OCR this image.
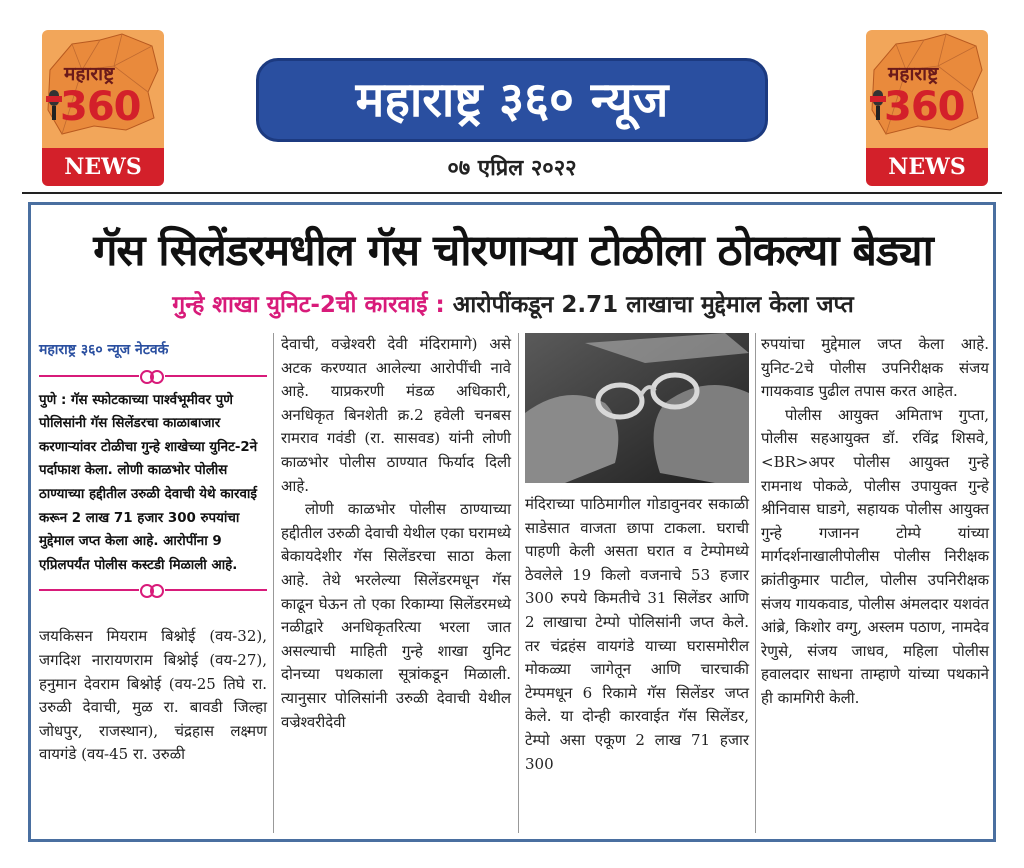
महाराष्ट्र
360
NEWS
महाराष्ट्र
360
NEWS
महाराष्ट्र ३६० न्यूज
०७ एप्रिल २०२२
गॅस सिलेंडरमधील गॅस चोरणाऱ्या टोळीला ठोकल्या बेड्या
गुन्हे शाखा युनिट-2ची कारवाई : आरोपींकडून 2.71 लाखाचा मुद्देमाल केला जप्त
महाराष्ट्र ३६० न्यूज नेटवर्क

पुणे : गॅस स्फोटकाच्या पार्श्वभूमीवर पुणे पोलिसांनी गॅस सिलेंडरचा काळाबाजार करणाऱ्यांवर टोळीचा गुन्हे शाखेच्या युनिट-2ने पर्दाफाश केला. लोणी काळभोर पोलीस ठाण्याच्या हद्दीतील उरुळी देवाची येथे कारवाई करून 2 लाख 71 हजार 300 रुपयांचा मुद्देमाल जप्त केला आहे. आरोपींना 9 एप्रिलपर्यंत पोलीस कस्टडी मिळाली आहे.

जयकिसन मियराम बिश्नोई (वय-32), जगदिश नारायणराम बिश्नोई (वय-27), हनुमान देवराम बिश्नोई (वय-25 तिघे रा. उरुळी देवाची, मुळ रा. बावडी जिल्हा जोधपुर, राजस्थान), चंद्रहास लक्ष्मण वायगंडे (वय-45 रा. उरुळी

देवाची, वज्रेश्वरी देवी मंदिरामागे) असे अटक करण्यात आलेल्या आरोपींची नावे आहे. याप्रकरणी मंडळ अधिकारी, अनधिकृत बिनशेती क्र.2 हवेली चनबस रामराव गवंडी (रा. सासवड) यांनी लोणी काळभोर पोलीस ठाण्यात फिर्याद दिली आहे.

लोणी काळभोर पोलीस ठाण्याच्या हद्दीतील उरुळी देवाची येथील एका घरामध्ये बेकायदेशीर गॅस सिलेंडरचा साठा केला आहे. तेथे भरलेल्या सिलेंडरमधून गॅस काढून घेऊन तो एका रिकाम्या सिलेंडरमध्ये नळीद्वारे अनधिकृतरित्या भरला जात असल्याची माहिती गुन्हे शाखा युनिट दोनच्या पथकाला सूत्रांकडून मिळाली. त्यानुसार पोलिसांनी उरुळी देवाची येथील वज्रेश्वरीदेवी

मंदिराच्या पाठिमागील गोडावुनवर सकाळी साडेसात वाजता छापा टाकला. घराची पाहणी केली असता घरात व टेम्पोमध्ये ठेवलेले 19 किलो वजनाचे 53 हजार 300 रुपये किमतीचे 31 सिलेंडर आणि 2 लाखाचा टेम्पो पोलिसांनी जप्त केले. तर चंद्रहंस वायगंडे याच्या घरासमोरील मोकळ्या जागेतून आणि चारचाकी टेम्पमधून 6 रिकामे गॅस सिलेंडर जप्त केले. या दोन्ही कारवाईत गॅस सिलेंडर, टेम्पो असा एकूण 2 लाख 71 हजार 300

रुपयांचा मुद्देमाल जप्त केला आहे. युनिट-2चे पोलीस उपनिरीक्षक संजय गायकवाड पुढील तपास करत आहेत.

पोलीस आयुक्त अमिताभ गुप्ता, पोलीस सहआयुक्त डॉ. रविंद्र शिसवे,<BR>अपर पोलीस आयुक्त गुन्हे रामनाथ पोकळे, पोलीस उपायुक्त गुन्हे श्रीनिवास घाडगे, सहायक पोलीस आयुक्त गुन्हे गजानन टोम्पे यांच्या मार्गदर्शनाखालीपोलीस पोलीस निरीक्षक क्रांतीकुमार पाटील, पोलीस उपनिरीक्षक संजय गायकवाड, पोलीस अंमलदार यशवंत आंब्रे, किशोर वग्गु, अस्लम पठाण, नामदेव रेणुसे, संजय जाधव, महिला पोलीस हवालदार साधना ताम्हाणे यांच्या पथकाने ही कामगिरी केली.
